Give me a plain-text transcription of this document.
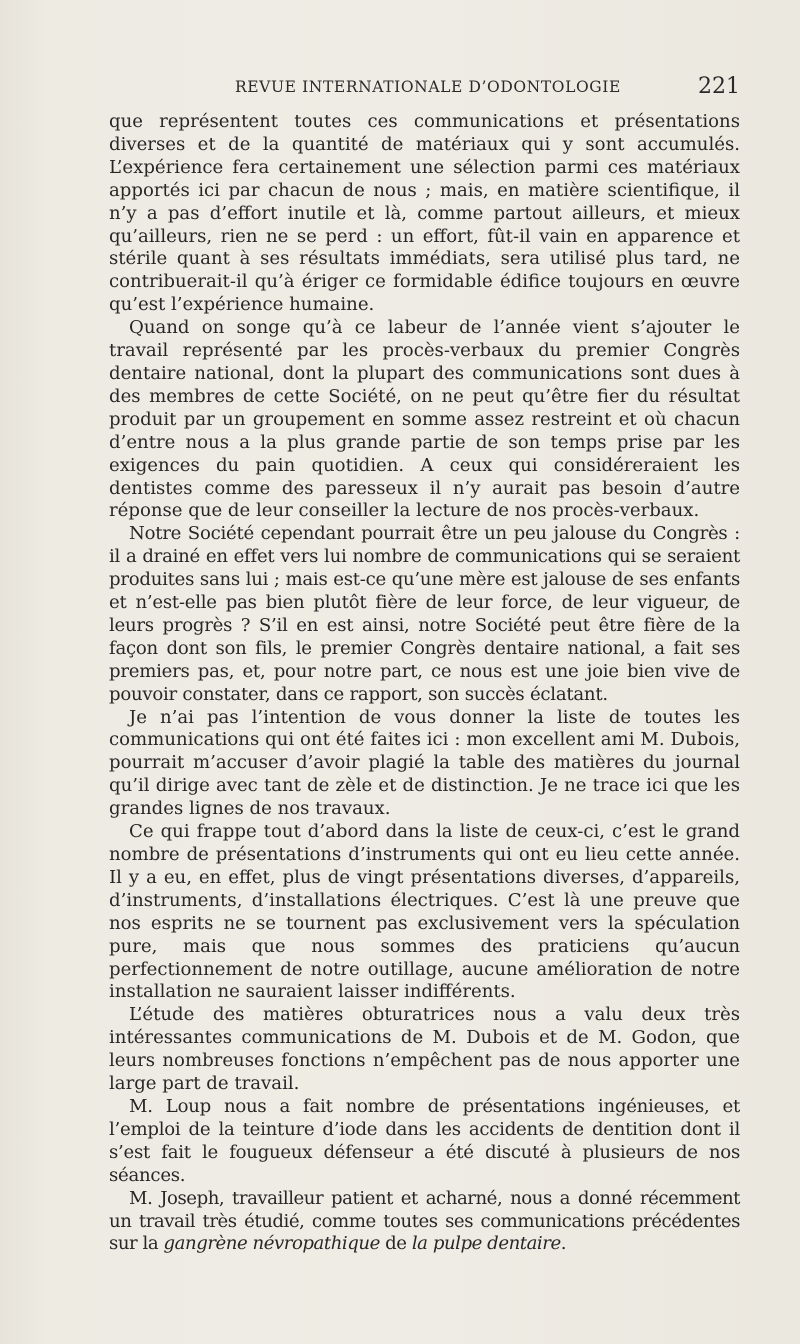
REVUE INTERNATIONALE D’ODONTOLOGIE	221

que représentent toutes ces communications et présentations diverses et de la quantité de matériaux qui y sont accumulés. L’expérience fera certainement une sélection parmi ces matériaux apportés ici par chacun de nous ; mais, en matière scientifique, il n’y a pas d’effort inutile et là, comme partout ailleurs, et mieux qu’ailleurs, rien ne se perd : un effort, fût-il vain en apparence et stérile quant à ses résultats immédiats, sera utilisé plus tard, ne contribuerait-il qu’à ériger ce formidable édifice toujours en œuvre qu’est l’expérience humaine.

Quand on songe qu’à ce labeur de l’année vient s’ajouter le travail représenté par les procès-verbaux du premier Congrès dentaire national, dont la plupart des communications sont dues à des membres de cette Société, on ne peut qu’être fier du résultat produit par un groupement en somme assez restreint et où chacun d’entre nous a la plus grande partie de son temps prise par les exigences du pain quotidien. A ceux qui considéreraient les dentistes comme des paresseux il n’y aurait pas besoin d’autre réponse que de leur conseiller la lecture de nos procès-verbaux.

Notre Société cependant pourrait être un peu jalouse du Congrès : il a drainé en effet vers lui nombre de communications qui se seraient produites sans lui ; mais est-ce qu’une mère est jalouse de ses enfants et n’est-elle pas bien plutôt fière de leur force, de leur vigueur, de leurs progrès ? S’il en est ainsi, notre Société peut être fière de la façon dont son fils, le premier Congrès dentaire national, a fait ses premiers pas, et, pour notre part, ce nous est une joie bien vive de pouvoir constater, dans ce rapport, son succès éclatant.

Je n’ai pas l’intention de vous donner la liste de toutes les communications qui ont été faites ici : mon excellent ami M. Dubois, pourrait m’accuser d’avoir plagié la table des matières du journal qu’il dirige avec tant de zèle et de distinction. Je ne trace ici que les grandes lignes de nos travaux.

Ce qui frappe tout d’abord dans la liste de ceux-ci, c’est le grand nombre de présentations d’instruments qui ont eu lieu cette année. Il y a eu, en effet, plus de vingt présentations diverses, d’appareils, d’instruments, d’installations électriques. C’est là une preuve que nos esprits ne se tournent pas exclusivement vers la spéculation pure, mais que nous sommes des praticiens qu’aucun perfectionnement de notre outillage, aucune amélioration de notre installation ne sauraient laisser indifférents.

L’étude des matières obturatrices nous a valu deux très intéressantes communications de M. Dubois et de M. Godon, que leurs nombreuses fonctions n’empêchent pas de nous apporter une large part de travail.

M. Loup nous a fait nombre de présentations ingénieuses, et l’emploi de la teinture d’iode dans les accidents de dentition dont il s’est fait le fougueux défenseur a été discuté à plusieurs de nos séances.

M. Joseph, travailleur patient et acharné, nous a donné récemment un travail très étudié, comme toutes ses communications précédentes sur la gangrène névropathique de la pulpe dentaire.
